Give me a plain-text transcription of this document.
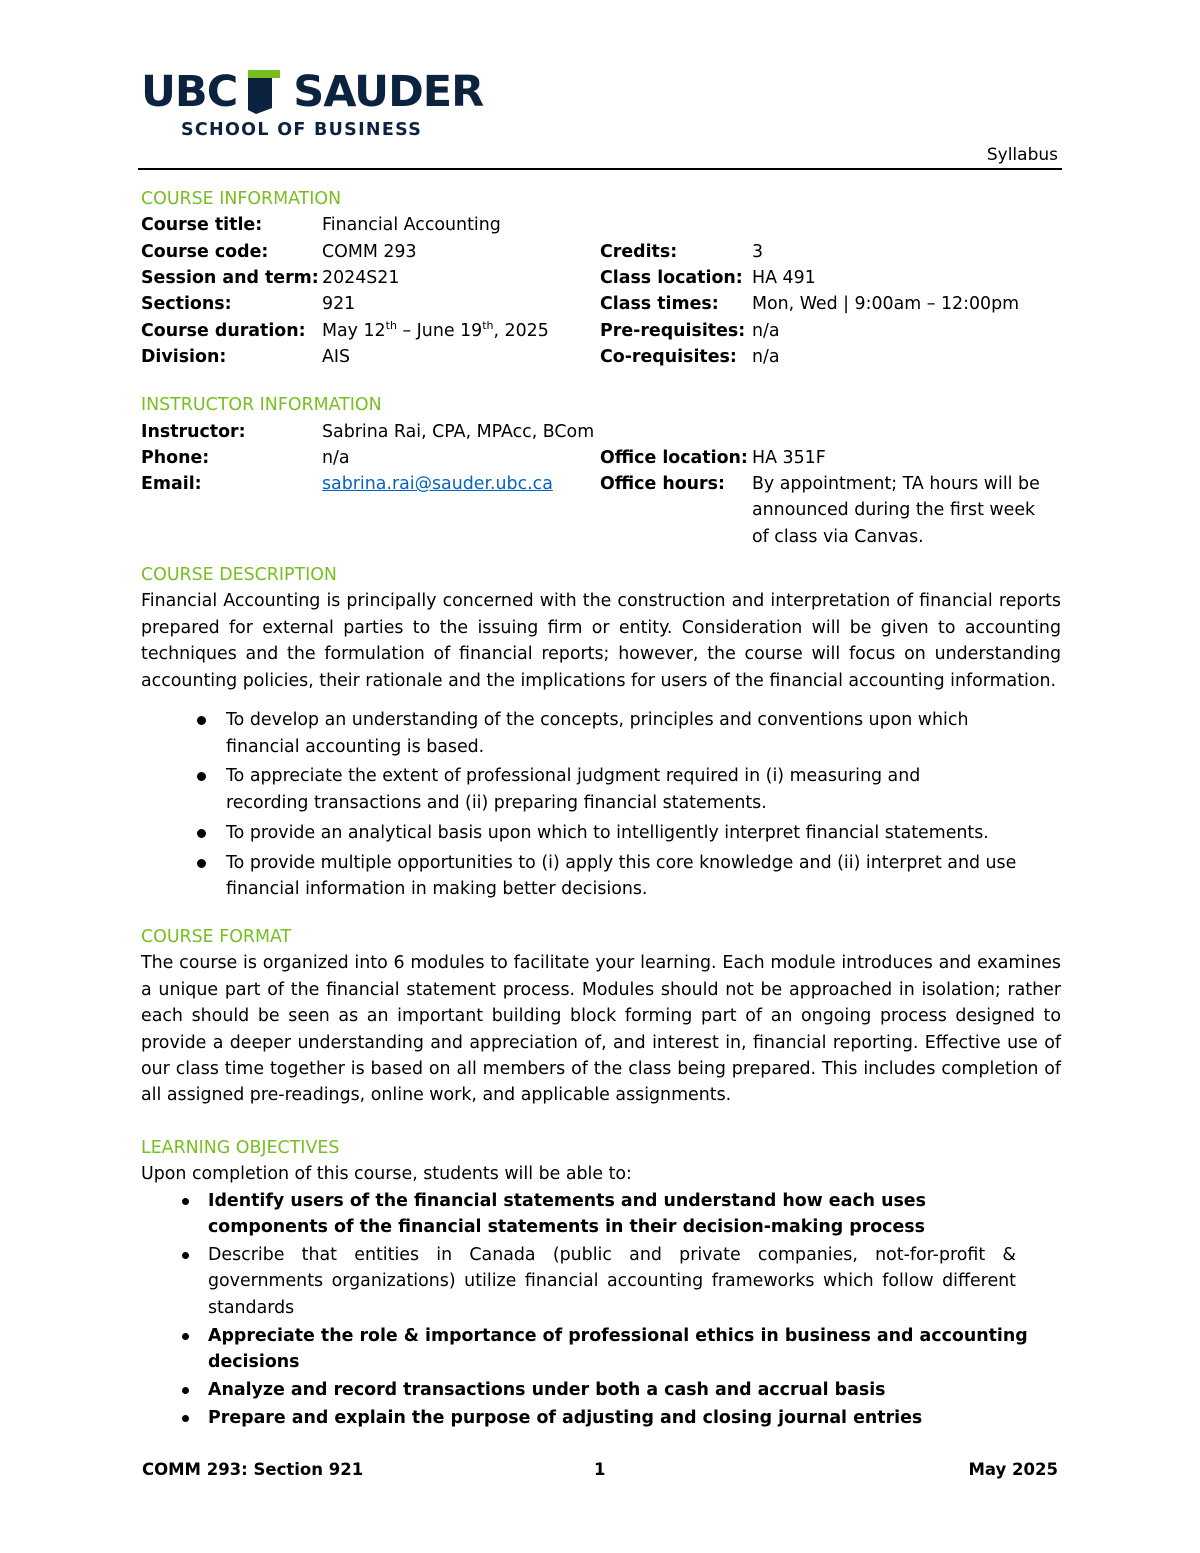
UBC SAUDER
SCHOOL OF BUSINESS
Syllabus
COURSE INFORMATION
Course title:	Financial Accounting
Course code:	COMM 293	Credits:	3
Session and term: 2024S21	Class location: HA 491
Sections:	921	Class times:	Mon, Wed | 9:00am – 12:00pm
Course duration: May 12th – June 19th, 2025	Pre-requisites: n/a
Division:	AIS	Co-requisites: n/a
INSTRUCTOR INFORMATION
Instructor:	Sabrina Rai, CPA, MPAcc, BCom
Phone:	n/a	Office location: HA 351F
Email:	sabrina.rai@sauder.ubc.ca	Office hours:	By appointment; TA hours will be announced during the first week of class via Canvas.
COURSE DESCRIPTION

Financial Accounting is principally concerned with the construction and interpretation of financial reports prepared for external parties to the issuing firm or entity. Consideration will be given to accounting techniques and the formulation of financial reports; however, the course will focus on understanding accounting policies, their rationale and the implications for users of the financial accounting information.

To develop an understanding of the concepts, principles and conventions upon which financial accounting is based.
To appreciate the extent of professional judgment required in (i) measuring and recording transactions and (ii) preparing financial statements.
To provide an analytical basis upon which to intelligently interpret financial statements.
To provide multiple opportunities to (i) apply this core knowledge and (ii) interpret and use financial information in making better decisions.
COURSE FORMAT

The course is organized into 6 modules to facilitate your learning. Each module introduces and examines a unique part of the financial statement process. Modules should not be approached in isolation; rather each should be seen as an important building block forming part of an ongoing process designed to provide a deeper understanding and appreciation of, and interest in, financial reporting. Effective use of our class time together is based on all members of the class being prepared. This includes completion of all assigned pre-readings, online work, and applicable assignments.

LEARNING OBJECTIVES
Upon completion of this course, students will be able to:
Identify users of the financial statements and understand how each uses components of the financial statements in their decision-making process
Describe that entities in Canada (public and private companies, not-for-profit & governments organizations) utilize financial accounting frameworks which follow different standards
Appreciate the role & importance of professional ethics in business and accounting decisions
Analyze and record transactions under both a cash and accrual basis
Prepare and explain the purpose of adjusting and closing journal entries
COMM 293: Section 921	1	May 2025
